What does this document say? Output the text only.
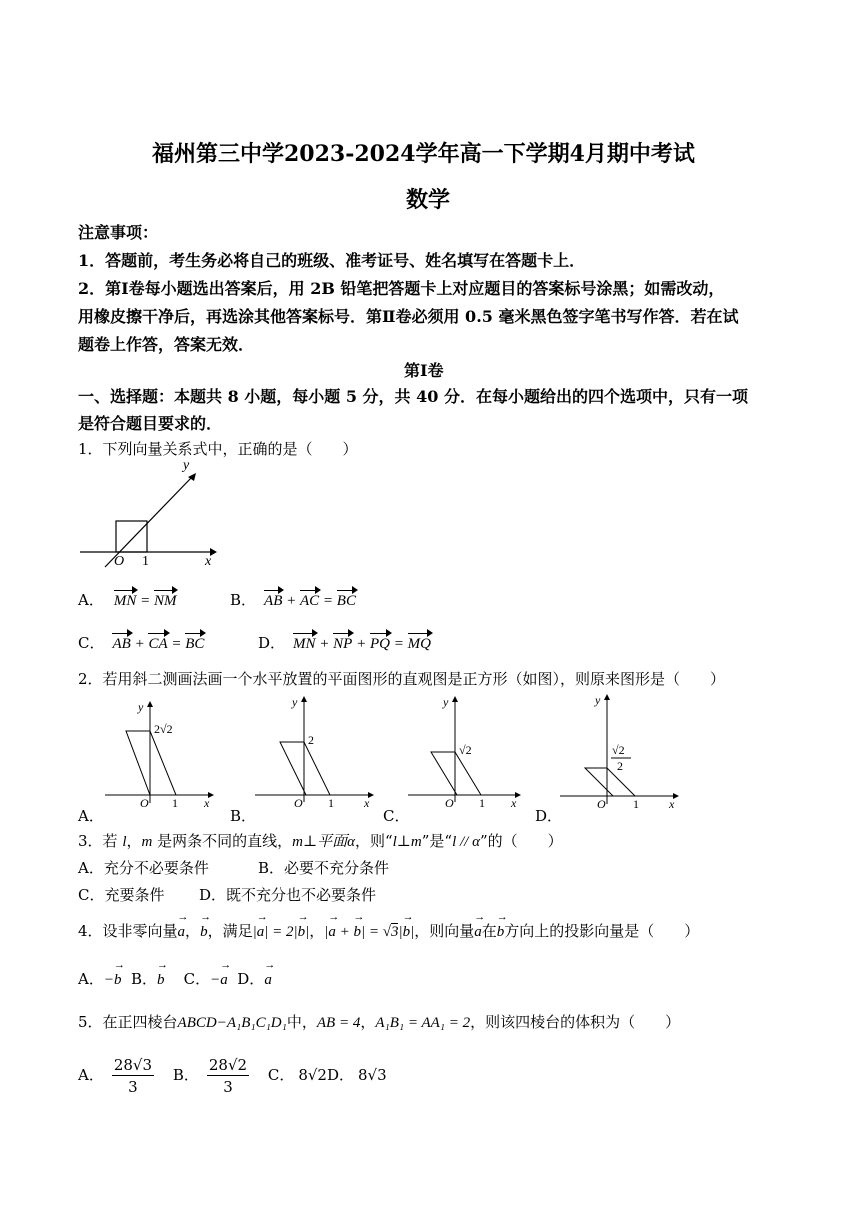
福州第三中学2023-2024学年高一下学期4月期中考试
数学
注意事项：
1．答题前，考生务必将自己的班级、准考证号、姓名填写在答题卡上．
2．第Ⅰ卷每小题选出答案后，用 2B 铅笔把答题卡上对应题目的答案标号涂黑；如需改动，
用橡皮擦干净后，再选涂其他答案标号．第Ⅱ卷必须用 0.5 毫米黑色签字笔书写作答．若在试
题卷上作答，答案无效．
第Ⅰ卷
一、选择题：本题共 8 小题，每小题 5 分，共 40 分．在每小题给出的四个选项中，只有一项
是符合题目要求的．
1．下列向量关系式中，正确的是（　　）
y
x
O 1
A． MN = NM	B． AB + AC = BC
C． AB + CA = BC	D． MN + NP + PQ = MQ
2．若用斜二测画法画一个水平放置的平面图形的直观图是正方形（如图），则原来图形是（　　）
A．
y
x
O 1
2√2
B．
y
x
O 1
2
C．
y
x
O 1
√2
D．
y
x
O 1
√2
2
3．若 l，m 是两条不同的直线，m⊥平面α，则“l⊥m”是“l // α”的（　　）
A．充分不必要条件	B．必要不充分条件
C．充要条件 D．既不充分也不必要条件
4．设非零向量a →，b →，满足|a →| = 2|b →|，|a → + b →| = √3|b →|，则向量a →在b →方向上的投影向量是（　　）
A．−b → B．b → C．−a → D．a →
5．在正四棱台ABCD−A₁B₁C₁D₁中，AB = 4，A₁B₁ = AA₁ = 2，则该四棱台的体积为（　　）
A． $\frac{28√3}{3}$ B． $\frac{28√2}{3}$ C． 8√2D． 8√3
